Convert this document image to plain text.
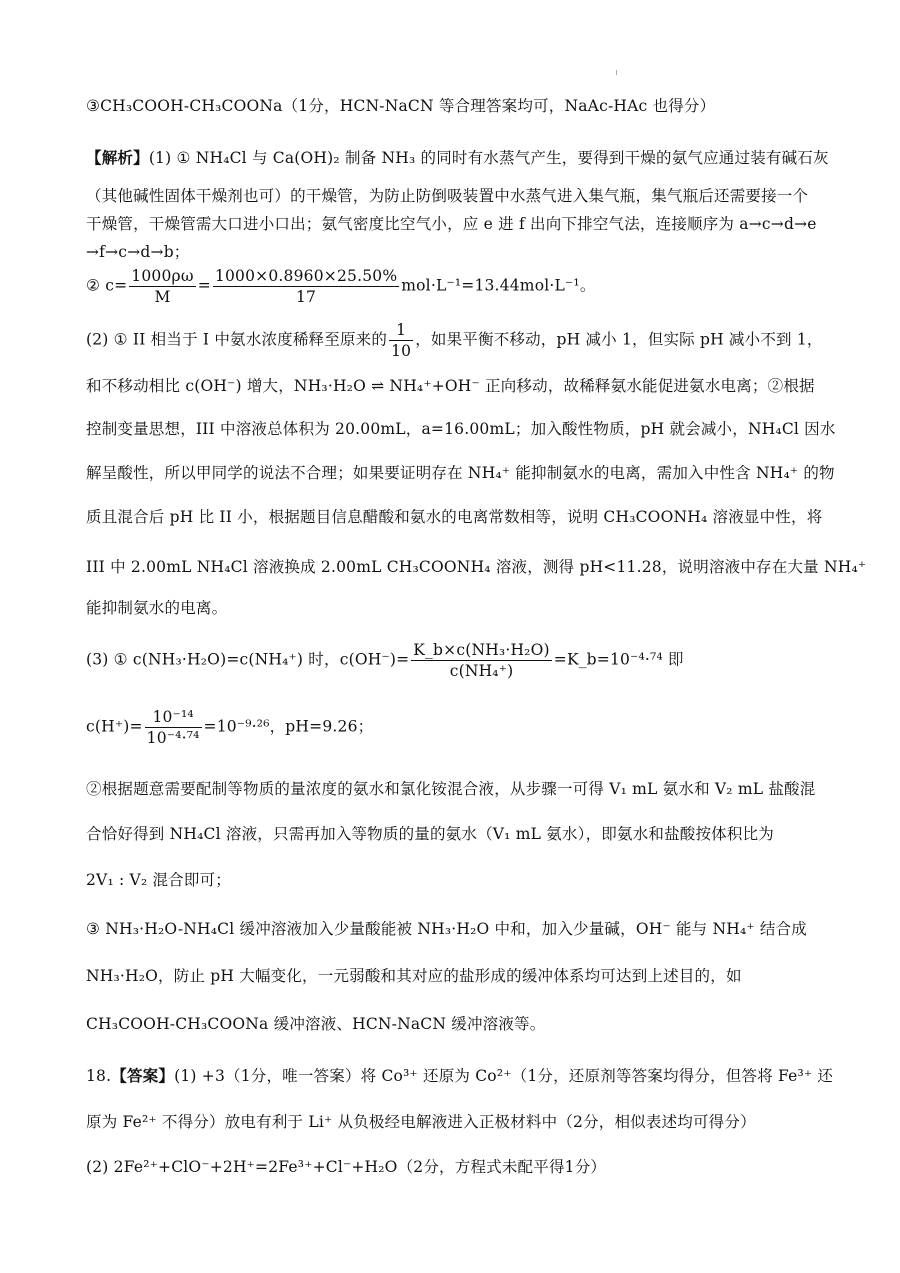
③CH₃COOH-CH₃COONa（1分，HCN-NaCN 等合理答案均可，NaAc-HAc 也得分）
【解析】(1) ① NH₄Cl 与 Ca(OH)₂ 制备 NH₃ 的同时有水蒸气产生，要得到干燥的氨气应通过装有碱石灰
（其他碱性固体干燥剂也可）的干燥管，为防止防倒吸装置中水蒸气进入集气瓶，集气瓶后还需要接一个
干燥管，干燥管需大口进小口出；氨气密度比空气小，应 e 进 f 出向下排空气法，连接顺序为 a→c→d→e
→f→c→d→b；
② $c= \frac{1000\rho\omega}{M} = \frac{1000\times 0.8960\times 25.50\%}{17} mol\cdot L^{-1}=13.44mol\cdot L^{-1}$。
(2) ① II 相当于 I 中氨水浓度稀释至原来的 $\frac{1}{10}$ ，如果平衡不移动，pH 减小 1，但实际 pH 减小不到 1，
和不移动相比 c(OH⁻) 增大，NH₃·H₂O ⇌ NH₄⁺+OH⁻ 正向移动，故稀释氨水能促进氨水电离；②根据
控制变量思想，III 中溶液总体积为 20.00mL，a=16.00mL；加入酸性物质，pH 就会减小，NH₄Cl 因水
解呈酸性，所以甲同学的说法不合理；如果要证明存在 NH₄⁺ 能抑制氨水的电离，需加入中性含 NH₄⁺ 的物
质且混合后 pH 比 II 小，根据题目信息醋酸和氨水的电离常数相等，说明 CH₃COONH₄ 溶液显中性，将
III 中 2.00mL NH₄Cl 溶液换成 2.00mL CH₃COONH₄ 溶液，测得 pH<11.28，说明溶液中存在大量 NH₄⁺
能抑制氨水的电离。
(3) ① c(NH₃·H₂O)=c(NH₄⁺) 时，$c(OH^-)= \frac{\text{K\_b×c(NH₃·H₂O)}}{\text{c(NH₄⁺)}}$ =K_b=10⁻⁴·⁷⁴ 即
$c(H^+)= \frac{\text{10⁻¹⁴}}{\text{10⁻⁴·⁷⁴}} =10^{-9}\cdot^{26}$，pH=9.26；
②根据题意需要配制等物质的量浓度的氨水和氯化铵混合液，从步骤一可得 V₁ mL 氨水和 V₂ mL 盐酸混
合恰好得到 NH₄Cl 溶液，只需再加入等物质的量的氨水（V₁ mL 氨水），即氨水和盐酸按体积比为
2V₁ : V₂ 混合即可；
③ NH₃·H₂O-NH₄Cl 缓冲溶液加入少量酸能被 NH₃·H₂O 中和，加入少量碱，OH⁻ 能与 NH₄⁺ 结合成
NH₃·H₂O，防止 pH 大幅变化，一元弱酸和其对应的盐形成的缓冲体系均可达到上述目的，如
CH₃COOH-CH₃COONa 缓冲溶液、HCN-NaCN 缓冲溶液等。
18.【答案】(1) +3（1分，唯一答案）将 Co³⁺ 还原为 Co²⁺（1分，还原剂等答案均得分，但答将 Fe³⁺ 还
原为 Fe²⁺ 不得分）放电有利于 Li⁺ 从负极经电解液进入正极材料中（2分，相似表述均可得分）
(2) 2Fe²⁺+ClO⁻+2H⁺=2Fe³⁺+Cl⁻+H₂O（2分，方程式未配平得1分）
